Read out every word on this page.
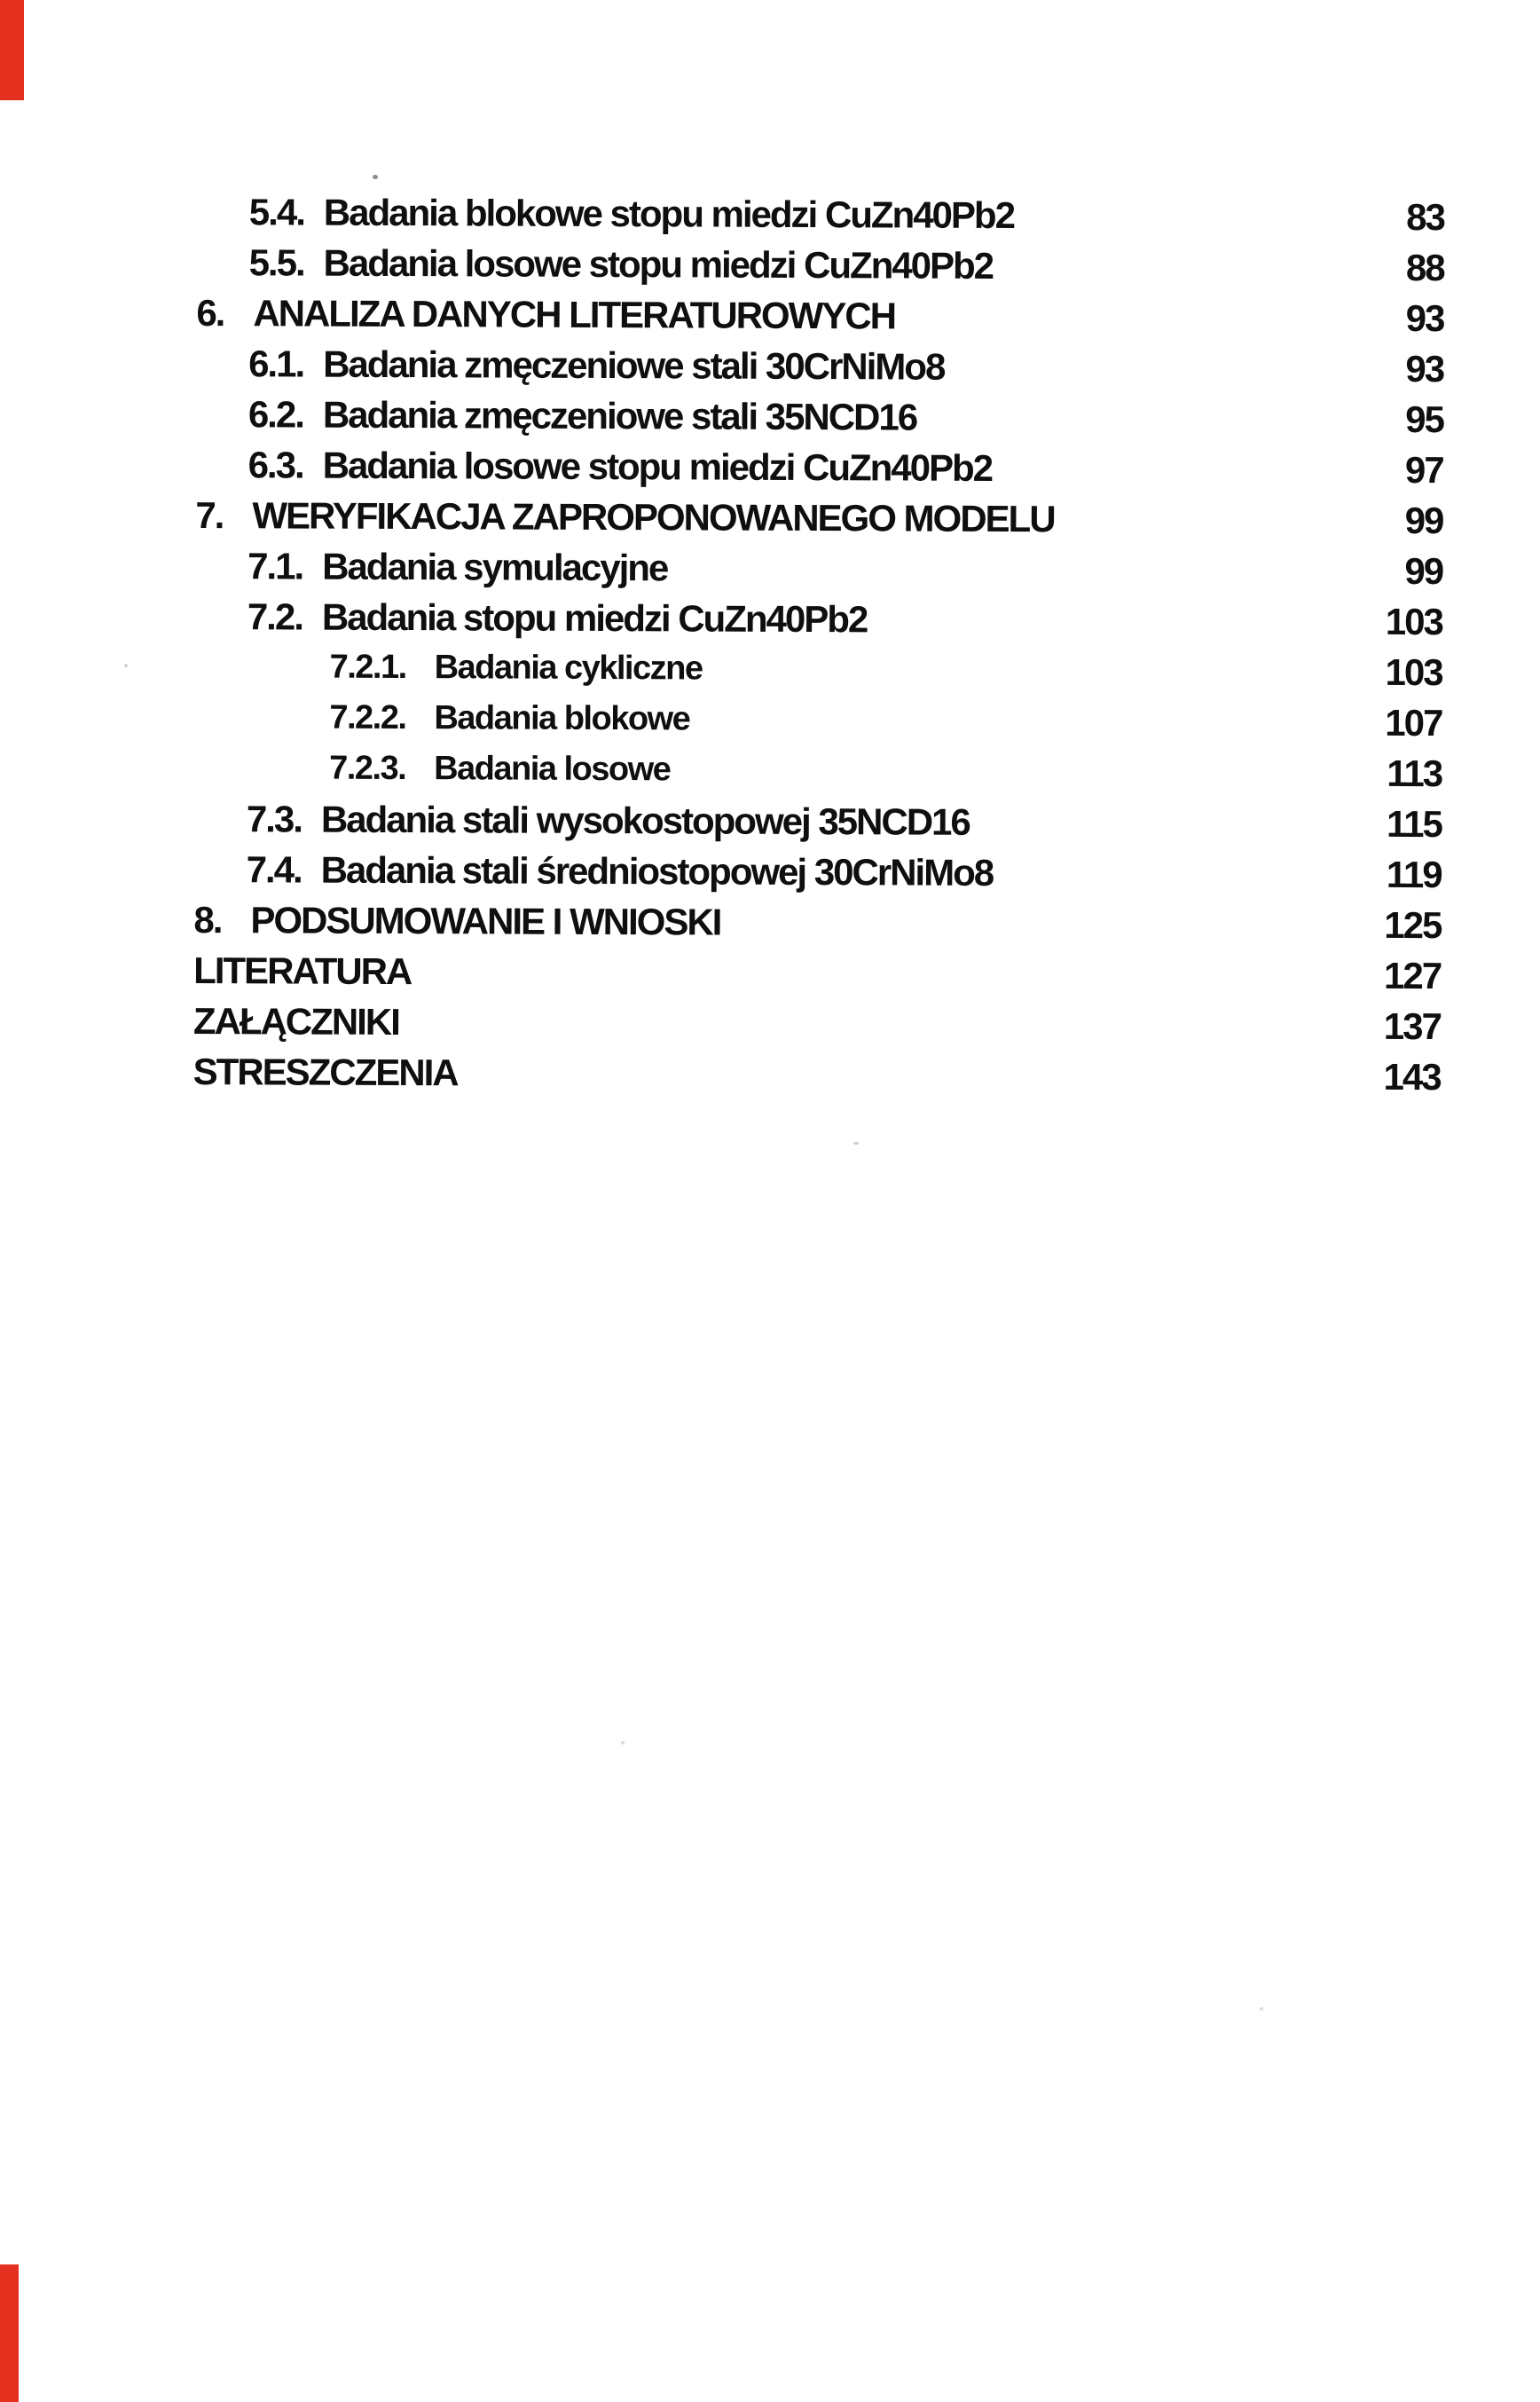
5.4. Badania blokowe stopu miedzi CuZn40Pb2	83
5.5. Badania losowe stopu miedzi CuZn40Pb2	88
6. ANALIZA DANYCH LITERATUROWYCH	93
6.1. Badania zmęczeniowe stali 30CrNiMo8	93
6.2. Badania zmęczeniowe stali 35NCD16	95
6.3. Badania losowe stopu miedzi CuZn40Pb2	97
7. WERYFIKACJA ZAPROPONOWANEGO MODELU	99
7.1. Badania symulacyjne	99
7.2. Badania stopu miedzi CuZn40Pb2	103
7.2.1. Badania cykliczne	103
7.2.2. Badania blokowe	107
7.2.3. Badania losowe	113
7.3. Badania stali wysokostopowej 35NCD16	115
7.4. Badania stali średniostopowej 30CrNiMo8	119
8. PODSUMOWANIE I WNIOSKI	125
LITERATURA	127
ZAŁĄCZNIKI	137
STRESZCZENIA	143
